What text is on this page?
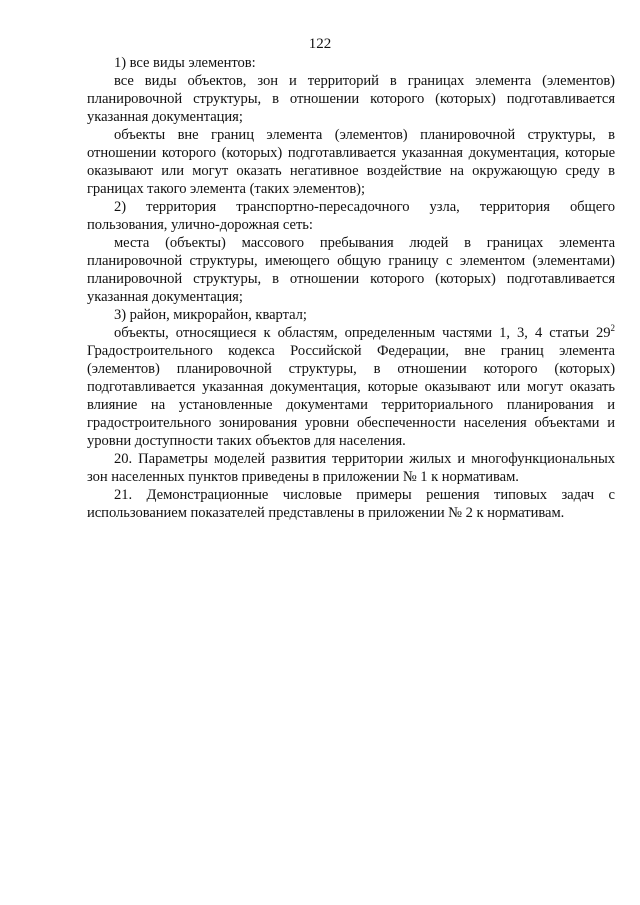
122

1) все виды элементов:

все виды объектов, зон и территорий в границах элемента (элементов) планировочной структуры, в отношении которого (которых) подготавливается указанная документация;

объекты вне границ элемента (элементов) планировочной структуры, в отношении которого (которых) подготавливается указанная документация, которые оказывают или могут оказать негативное воздействие на окружающую среду в границах такого элемента (таких элементов);

2) территория транспортно-пересадочного узла, территория общего пользования, улично-дорожная сеть:

места (объекты) массового пребывания людей в границах элемента планировочной структуры, имеющего общую границу с элементом (элементами) планировочной структуры, в отношении которого (которых) подготавливается указанная документация;

3) район, микрорайон, квартал;

объекты, относящиеся к областям, определенным частями 1, 3, 4 статьи $29^2$ Градостроительного кодекса Российской Федерации, вне границ элемента (элементов) планировочной структуры, в отношении которого (которых) подготавливается указанная документация, которые оказывают или могут оказать влияние на установленные документами территориального планирования и градостроительного зонирования уровни обеспеченности населения объектами и уровни доступности таких объектов для населения.

20. Параметры моделей развития территории жилых и многофункциональных зон населенных пунктов приведены в приложении № 1 к нормативам.

21. Демонстрационные числовые примеры решения типовых задач с использованием показателей представлены в приложении № 2 к нормативам.
